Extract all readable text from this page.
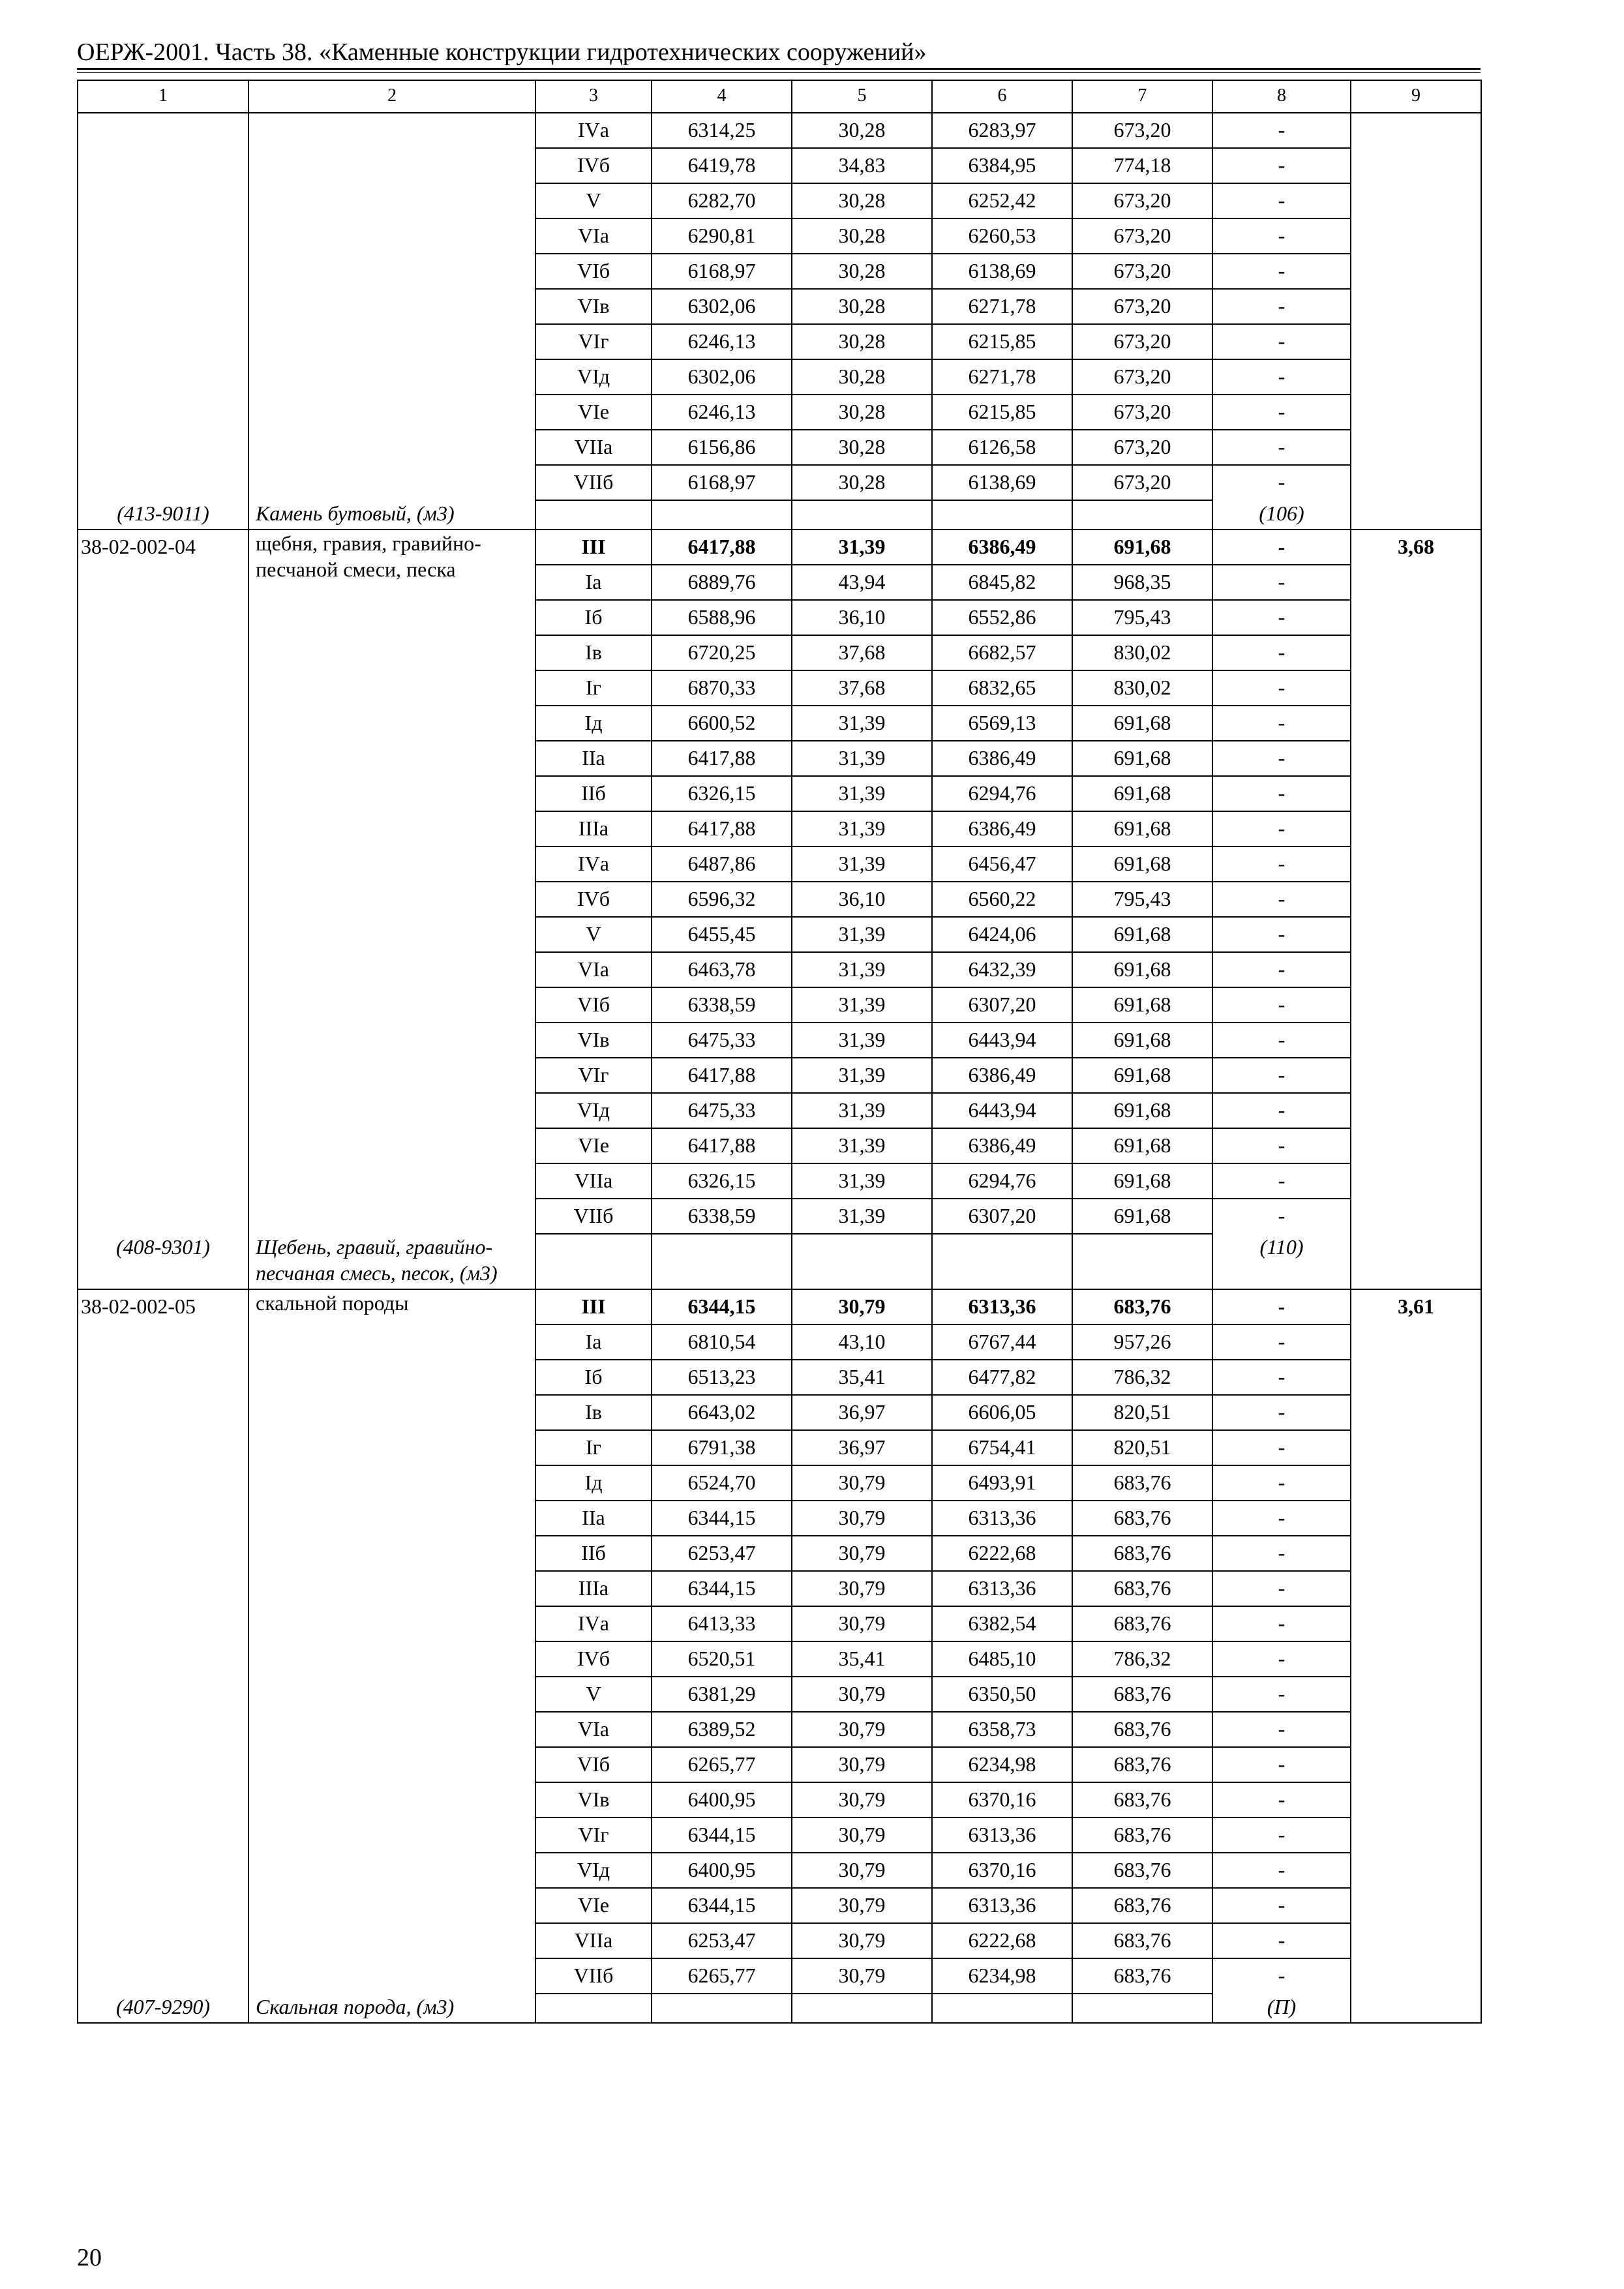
ОЕРЖ-2001. Часть 38. «Каменные конструкции гидротехнических сооружений»
1	2	3	4	5	6	7	8	9
		IVа	6314,25	30,28	6283,97	673,20	-	
		IVб	6419,78	34,83	6384,95	774,18	-	
		V	6282,70	30,28	6252,42	673,20	-	
		VIа	6290,81	30,28	6260,53	673,20	-	
		VIб	6168,97	30,28	6138,69	673,20	-	
		VIв	6302,06	30,28	6271,78	673,20	-	
		VIг	6246,13	30,28	6215,85	673,20	-	
		VIд	6302,06	30,28	6271,78	673,20	-	
		VIе	6246,13	30,28	6215,85	673,20	-	
		VIIа	6156,86	30,28	6126,58	673,20	-	
		VIIб	6168,97	30,28	6138,69	673,20	-	
(413-9011)	Камень бутовый, (м3)						(106)	
38-02-002-04	щебня, гравия, гравийно-песчаной смеси, песка	III	6417,88	31,39	6386,49	691,68	-	3,68
		Iа	6889,76	43,94	6845,82	968,35	-	
		Iб	6588,96	36,10	6552,86	795,43	-	
		Iв	6720,25	37,68	6682,57	830,02	-	
		Iг	6870,33	37,68	6832,65	830,02	-	
		Iд	6600,52	31,39	6569,13	691,68	-	
		IIа	6417,88	31,39	6386,49	691,68	-	
		IIб	6326,15	31,39	6294,76	691,68	-	
		IIIа	6417,88	31,39	6386,49	691,68	-	
		IVа	6487,86	31,39	6456,47	691,68	-	
		IVб	6596,32	36,10	6560,22	795,43	-	
		V	6455,45	31,39	6424,06	691,68	-	
		VIа	6463,78	31,39	6432,39	691,68	-	
		VIб	6338,59	31,39	6307,20	691,68	-	
		VIв	6475,33	31,39	6443,94	691,68	-	
		VIг	6417,88	31,39	6386,49	691,68	-	
		VIд	6475,33	31,39	6443,94	691,68	-	
		VIе	6417,88	31,39	6386,49	691,68	-	
		VIIа	6326,15	31,39	6294,76	691,68	-	
		VIIб	6338,59	31,39	6307,20	691,68	-	
(408-9301)	Щебень, гравий, гравийно-песчаная смесь, песок, (м3)						(110)	
38-02-002-05	скальной породы	III	6344,15	30,79	6313,36	683,76	-	3,61
		Iа	6810,54	43,10	6767,44	957,26	-	
		Iб	6513,23	35,41	6477,82	786,32	-	
		Iв	6643,02	36,97	6606,05	820,51	-	
		Iг	6791,38	36,97	6754,41	820,51	-	
		Iд	6524,70	30,79	6493,91	683,76	-	
		IIа	6344,15	30,79	6313,36	683,76	-	
		IIб	6253,47	30,79	6222,68	683,76	-	
		IIIа	6344,15	30,79	6313,36	683,76	-	
		IVа	6413,33	30,79	6382,54	683,76	-	
		IVб	6520,51	35,41	6485,10	786,32	-	
		V	6381,29	30,79	6350,50	683,76	-	
		VIа	6389,52	30,79	6358,73	683,76	-	
		VIб	6265,77	30,79	6234,98	683,76	-	
		VIв	6400,95	30,79	6370,16	683,76	-	
		VIг	6344,15	30,79	6313,36	683,76	-	
		VIд	6400,95	30,79	6370,16	683,76	-	
		VIе	6344,15	30,79	6313,36	683,76	-	
		VIIа	6253,47	30,79	6222,68	683,76	-	
		VIIб	6265,77	30,79	6234,98	683,76	-	
(407-9290)	Скальная порода, (м3)						(П)	
20
